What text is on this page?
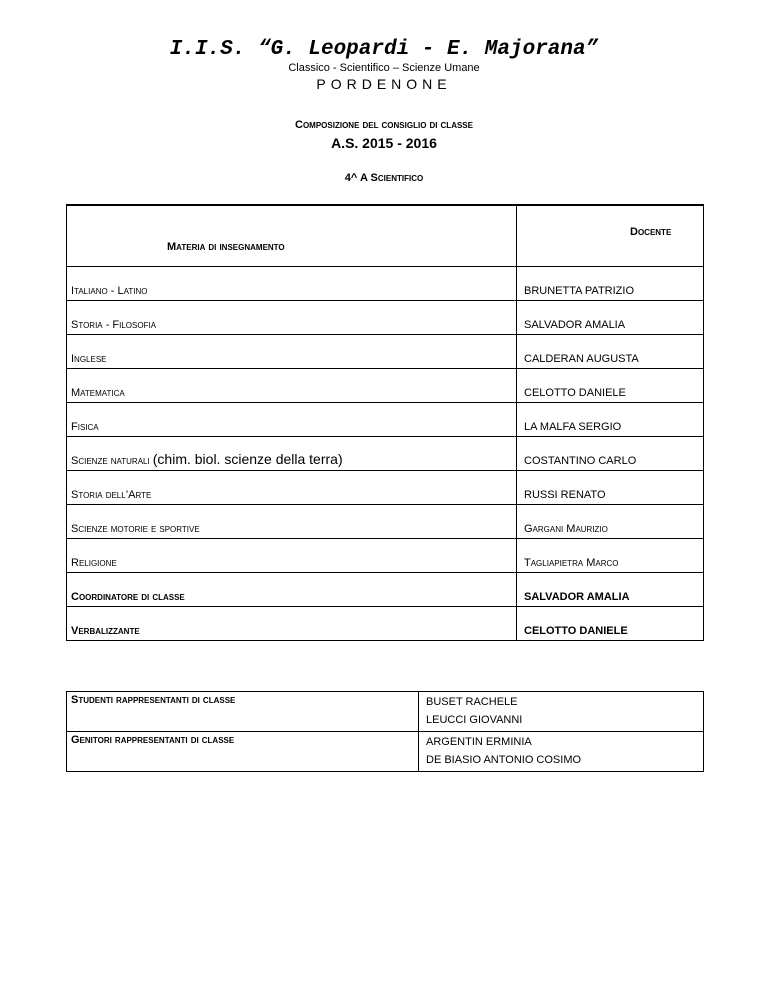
I.I.S. “G. Leopardi - E. Majorana”
Classico - Scientifico – Scienze Umane
PORDENONE
Composizione del consiglio di classe
A.S. 2015 - 2016
4^ A Scientifico
Materia di insegnamento	Docente
Italiano - Latino	BRUNETTA PATRIZIO
Storia - Filosofia	SALVADOR AMALIA
Inglese	CALDERAN AUGUSTA
Matematica	CELOTTO DANIELE
Fisica	LA MALFA SERGIO
Scienze naturali (chim. biol. scienze della terra)	COSTANTINO CARLO
Storia dell’Arte	RUSSI RENATO
Scienze motorie e sportive	Gargani Maurizio
Religione	Tagliapietra Marco
Coordinatore di classe	SALVADOR AMALIA
Verbalizzante	CELOTTO DANIELE
Studenti rappresentanti di classe	BUSET RACHELE
LEUCCI GIOVANNI

Genitori rappresentanti di classe	ARGENTIN ERMINIA
DE BIASIO ANTONIO COSIMO
